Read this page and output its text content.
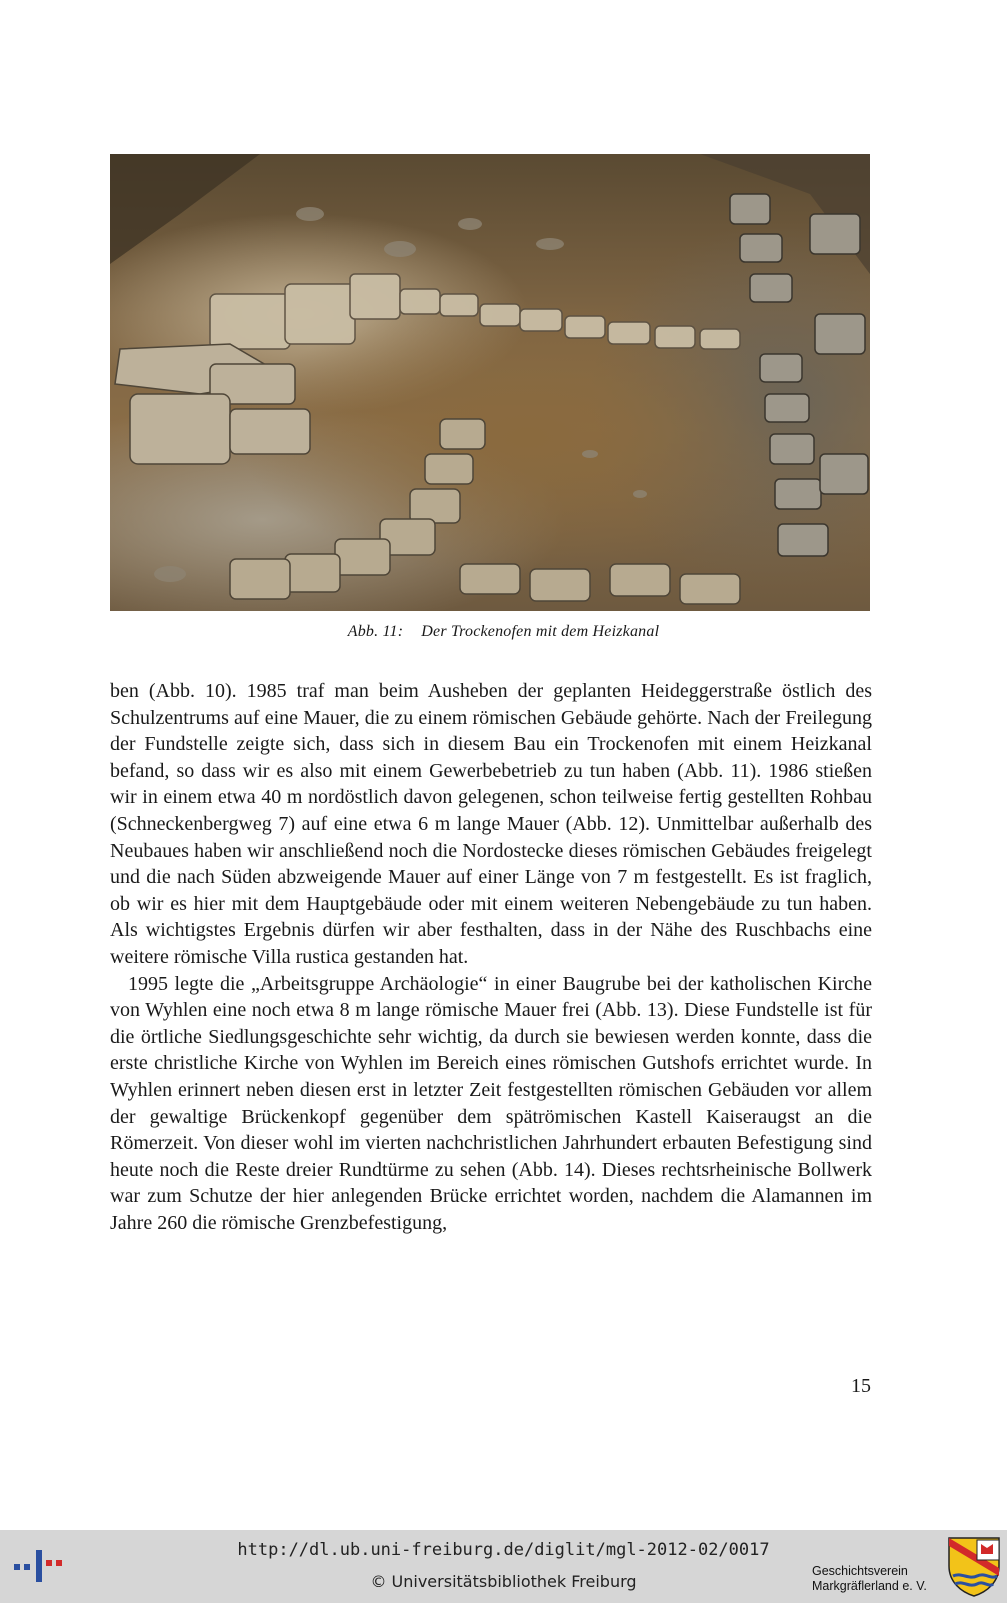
Abb. 11: Der Trockenofen mit dem Heizkanal

ben (Abb. 10). 1985 traf man beim Ausheben der geplanten Heideggerstraße östlich des Schulzentrums auf eine Mauer, die zu einem römischen Gebäude gehörte. Nach der Freilegung der Fundstelle zeigte sich, dass sich in diesem Bau ein Trockenofen mit einem Heizkanal befand, so dass wir es also mit einem Gewerbebetrieb zu tun haben (Abb. 11). 1986 stießen wir in einem etwa 40 m nordöstlich davon gelegenen, schon teilweise fertig gestellten Rohbau (Schneckenbergweg 7) auf eine etwa 6 m lange Mauer (Abb. 12). Unmittelbar außerhalb des Neubaues haben wir anschließend noch die Nordostecke dieses römischen Gebäudes freigelegt und die nach Süden abzweigende Mauer auf einer Länge von 7 m festgestellt. Es ist fraglich, ob wir es hier mit dem Hauptgebäude oder mit einem weiteren Nebengebäude zu tun haben. Als wichtigstes Ergebnis dürfen wir aber festhalten, dass in der Nähe des Ruschbachs eine weitere römische Villa rustica gestanden hat.

1995 legte die „Arbeitsgruppe Archäologie“ in einer Baugrube bei der katholischen Kirche von Wyhlen eine noch etwa 8 m lange römische Mauer frei (Abb. 13). Diese Fundstelle ist für die örtliche Siedlungsgeschichte sehr wichtig, da durch sie bewiesen werden konnte, dass die erste christliche Kirche von Wyhlen im Bereich eines römischen Gutshofs errichtet wurde. In Wyhlen erinnert neben diesen erst in letzter Zeit festgestellten römischen Gebäuden vor allem der gewaltige Brückenkopf gegenüber dem spätrömischen Kastell Kaiseraugst an die Römerzeit. Von dieser wohl im vierten nachchristlichen Jahrhundert erbauten Befestigung sind heute noch die Reste dreier Rundtürme zu sehen (Abb. 14). Dieses rechtsrheinische Bollwerk war zum Schutze der hier anlegenden Brücke errichtet worden, nachdem die Alamannen im Jahre 260 die römische Grenzbefestigung,

15
http://dl.ub.uni-freiburg.de/diglit/mgl-2012-02/0017
© Universitätsbibliothek Freiburg
Geschichtsverein
Markgräflerland e. V.
